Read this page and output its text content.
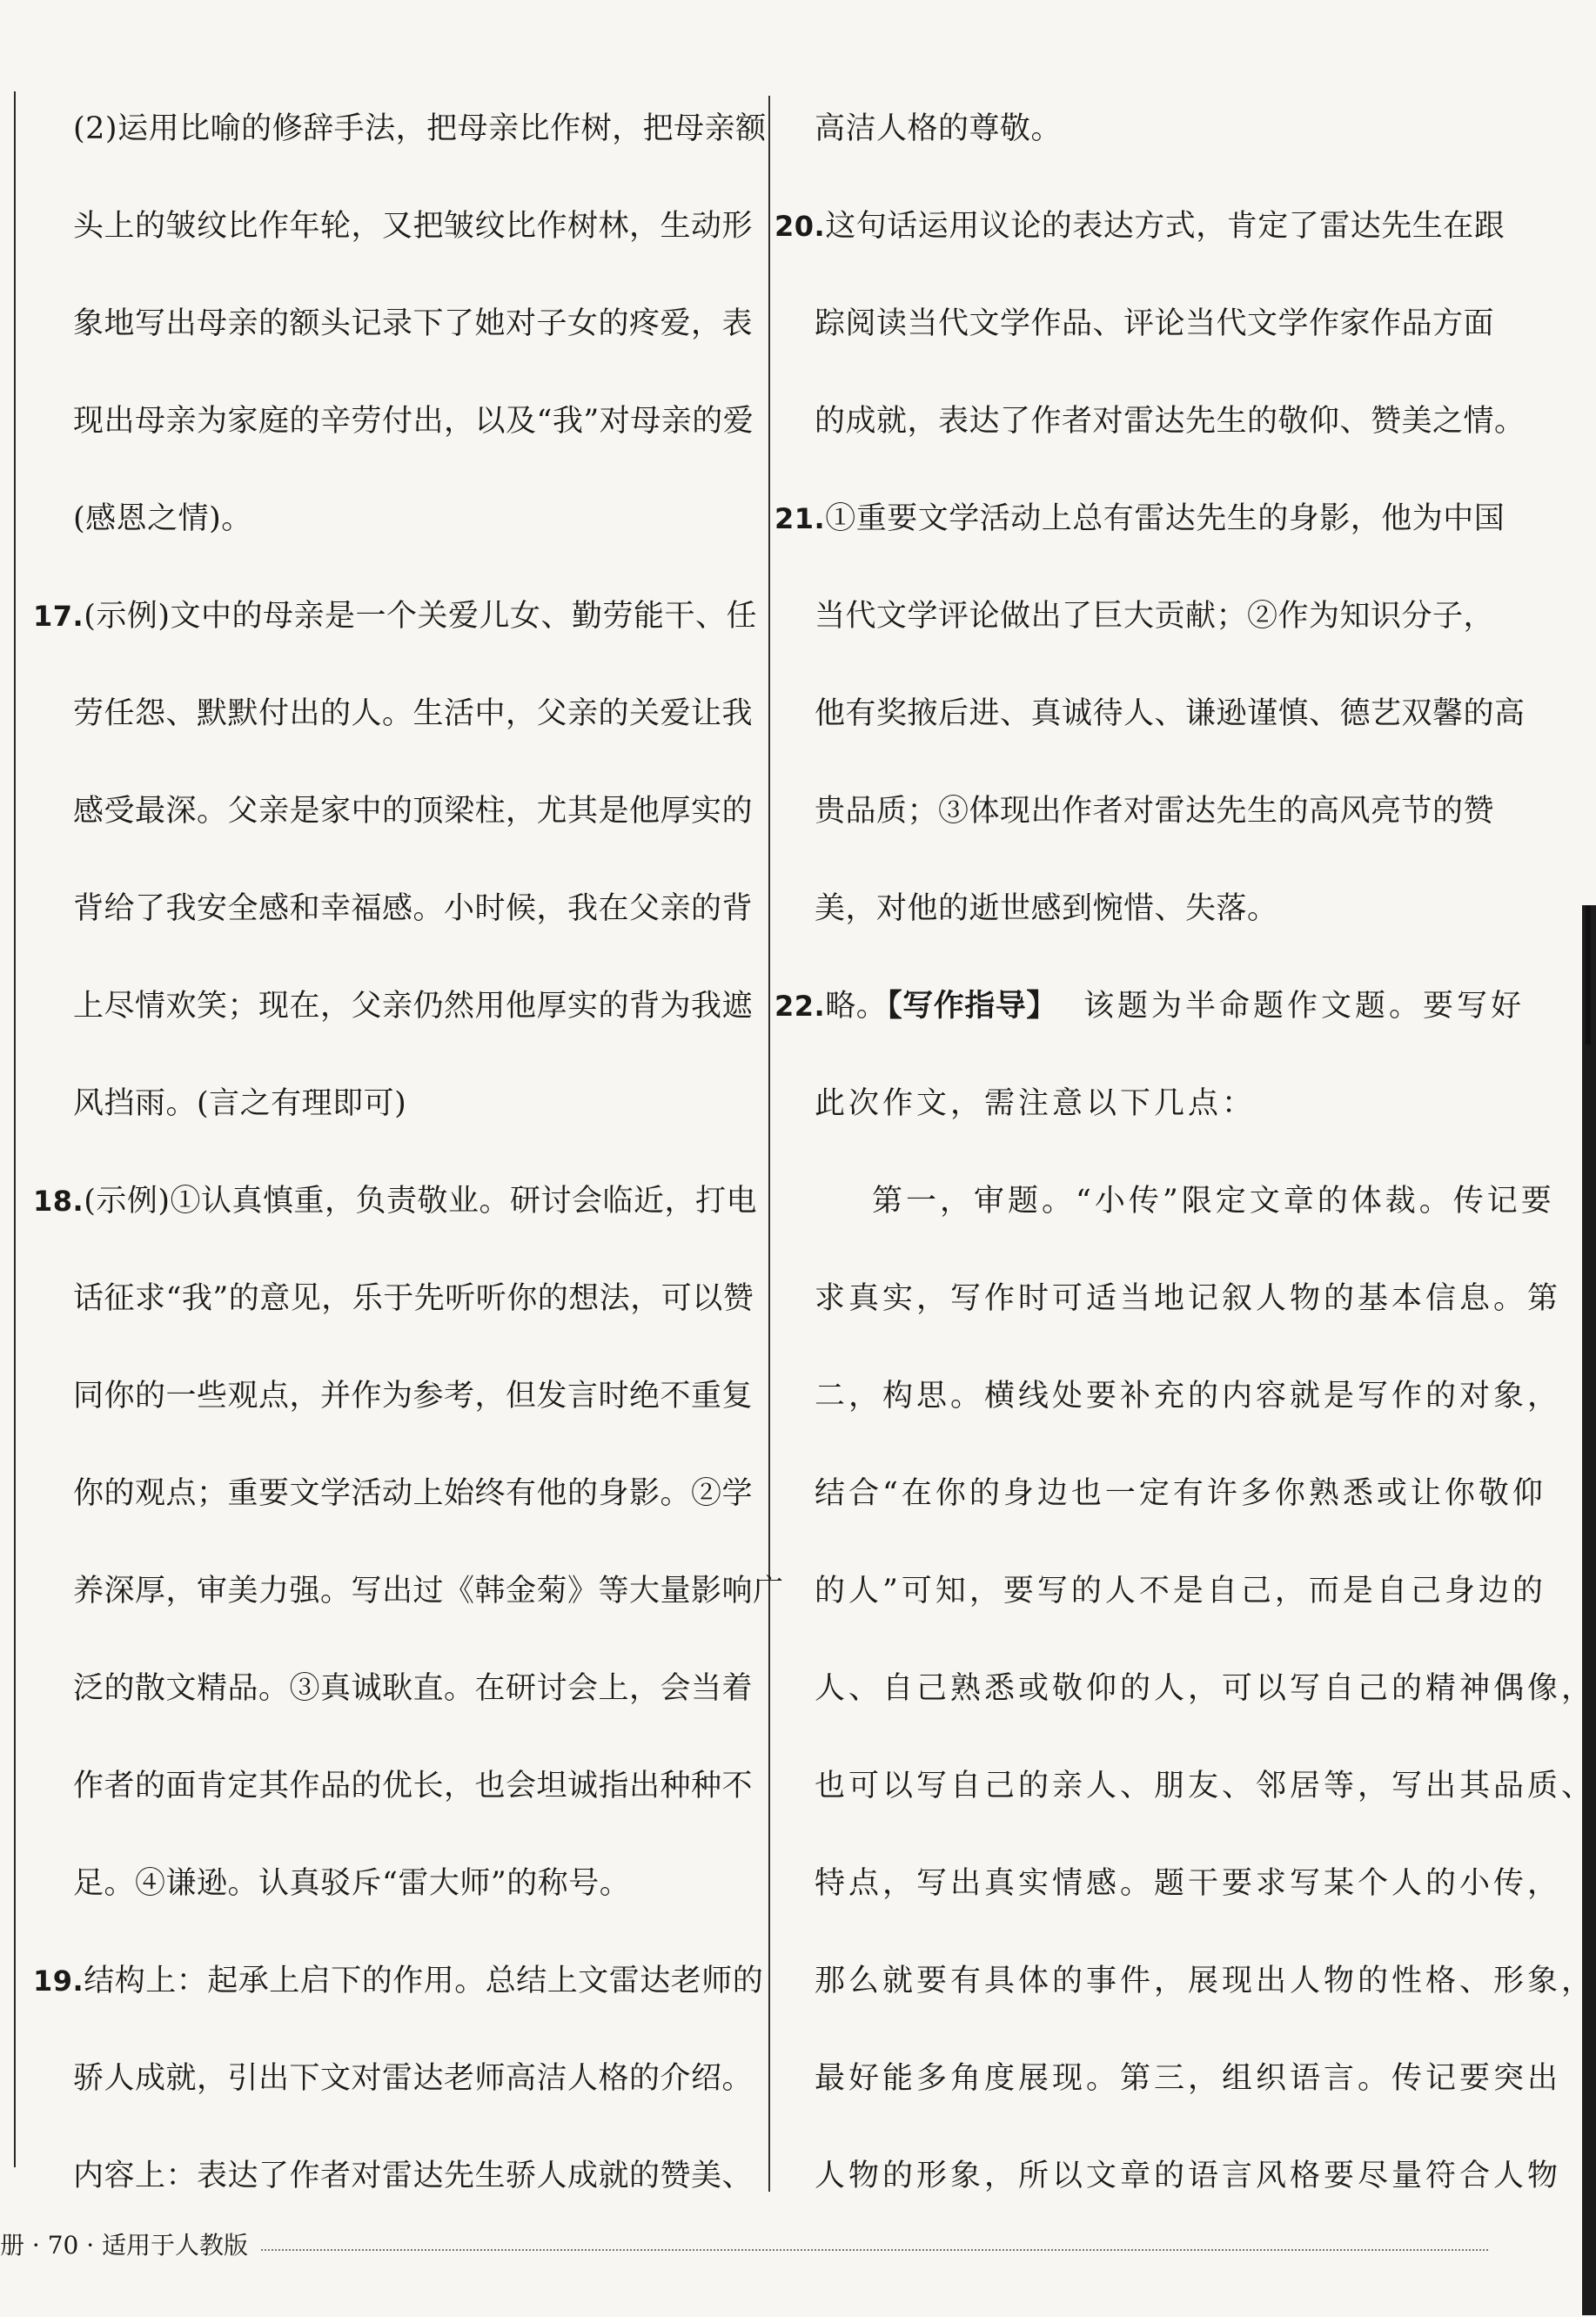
(2)运用比喻的修辞手法，把母亲比作树，把母亲额
头上的皱纹比作年轮，又把皱纹比作树林，生动形
象地写出母亲的额头记录下了她对子女的疼爱，表
现出母亲为家庭的辛劳付出，以及“我”对母亲的爱
(感恩之情)。
17.(示例)文中的母亲是一个关爱儿女、勤劳能干、任
劳任怨、默默付出的人。生活中，父亲的关爱让我
感受最深。父亲是家中的顶梁柱，尤其是他厚实的
背给了我安全感和幸福感。小时候，我在父亲的背
上尽情欢笑；现在，父亲仍然用他厚实的背为我遮
风挡雨。(言之有理即可)
18.(示例)①认真慎重，负责敬业。研讨会临近，打电
话征求“我”的意见，乐于先听听你的想法，可以赞
同你的一些观点，并作为参考，但发言时绝不重复
你的观点；重要文学活动上始终有他的身影。②学
养深厚，审美力强。写出过《韩金菊》等大量影响广
泛的散文精品。③真诚耿直。在研讨会上，会当着
作者的面肯定其作品的优长，也会坦诚指出种种不
足。④谦逊。认真驳斥“雷大师”的称号。
19.结构上：起承上启下的作用。总结上文雷达老师的
骄人成就，引出下文对雷达老师高洁人格的介绍。
内容上：表达了作者对雷达先生骄人成就的赞美、
高洁人格的尊敬。
20.这句话运用议论的表达方式，肯定了雷达先生在跟
踪阅读当代文学作品、评论当代文学作家作品方面
的成就，表达了作者对雷达先生的敬仰、赞美之情。
21.①重要文学活动上总有雷达先生的身影，他为中国
当代文学评论做出了巨大贡献；②作为知识分子，
他有奖掖后进、真诚待人、谦逊谨慎、德艺双馨的高
贵品质；③体现出作者对雷达先生的高风亮节的赞
美，对他的逝世感到惋惜、失落。
22.略。【写作指导】  该题为半命题作文题。要写好
此次作文，需注意以下几点：
第一，审题。“小传”限定文章的体裁。传记要
求真实，写作时可适当地记叙人物的基本信息。第
二，构思。横线处要补充的内容就是写作的对象，
结合“在你的身边也一定有许多你熟悉或让你敬仰
的人”可知，要写的人不是自己，而是自己身边的
人、自己熟悉或敬仰的人，可以写自己的精神偶像，
也可以写自己的亲人、朋友、邻居等，写出其品质、
特点，写出真实情感。题干要求写某个人的小传，
那么就要有具体的事件，展现出人物的性格、形象，
最好能多角度展现。第三，组织语言。传记要突出
人物的形象，所以文章的语言风格要尽量符合人物
册 · 70 · 适用于人教版
